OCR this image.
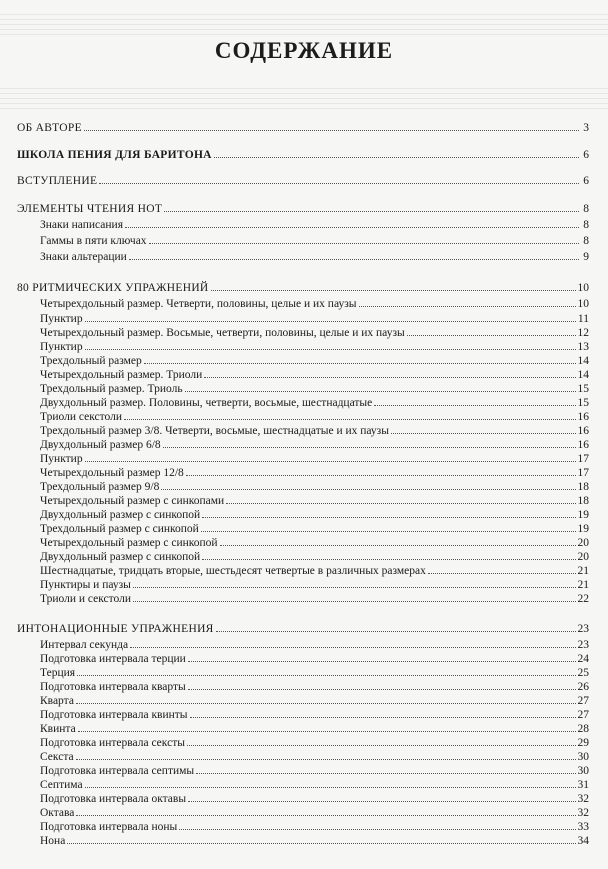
СОДЕРЖАНИЕ
ОБ АВТОРЕ	3
ШКОЛА ПЕНИЯ ДЛЯ БАРИТОНА	6
ВСТУПЛЕНИЕ	6
ЭЛЕМЕНТЫ ЧТЕНИЯ НОТ	8
Знаки написания	8
Гаммы в пяти ключах	8
Знаки альтерации	9
80 РИТМИЧЕСКИХ УПРАЖНЕНИЙ	10
Четырехдольный размер. Четверти, половины, целые и их паузы	10
Пунктир	11
Четырехдольный размер. Восьмые, четверти, половины, целые и их паузы	12
Пунктир	13
Трехдольный размер	14
Четырехдольный размер. Триоли	14
Трехдольный размер. Триоль	15
Двухдольный размер. Половины, четверти, восьмые, шестнадцатые	15
Триоли секстоли	16
Трехдольный размер 3/8. Четверти, восьмые, шестнадцатые и их паузы	16
Двухдольный размер 6/8	16
Пунктир	17
Четырехдольный размер 12/8	17
Трехдольный размер 9/8	18
Четырехдольный размер с синкопами	18
Двухдольный размер с синкопой	19
Трехдольный размер с синкопой	19
Четырехдольный размер с синкопой	20
Двухдольный размер с синкопой	20
Шестнадцатые, тридцать вторые, шестьдесят четвертые в различных размерах	21
Пунктиры и паузы	21
Триоли и секстоли	22
ИНТОНАЦИОННЫЕ УПРАЖНЕНИЯ	23
Интервал секунда	23
Подготовка интервала терции	24
Терция	25
Подготовка интервала кварты	26
Кварта	27
Подготовка интервала квинты	27
Квинта	28
Подготовка интервала сексты	29
Секста	30
Подготовка интервала септимы	30
Септима	31
Подготовка интервала октавы	32
Октава	32
Подготовка интервала ноны	33
Нона	34
